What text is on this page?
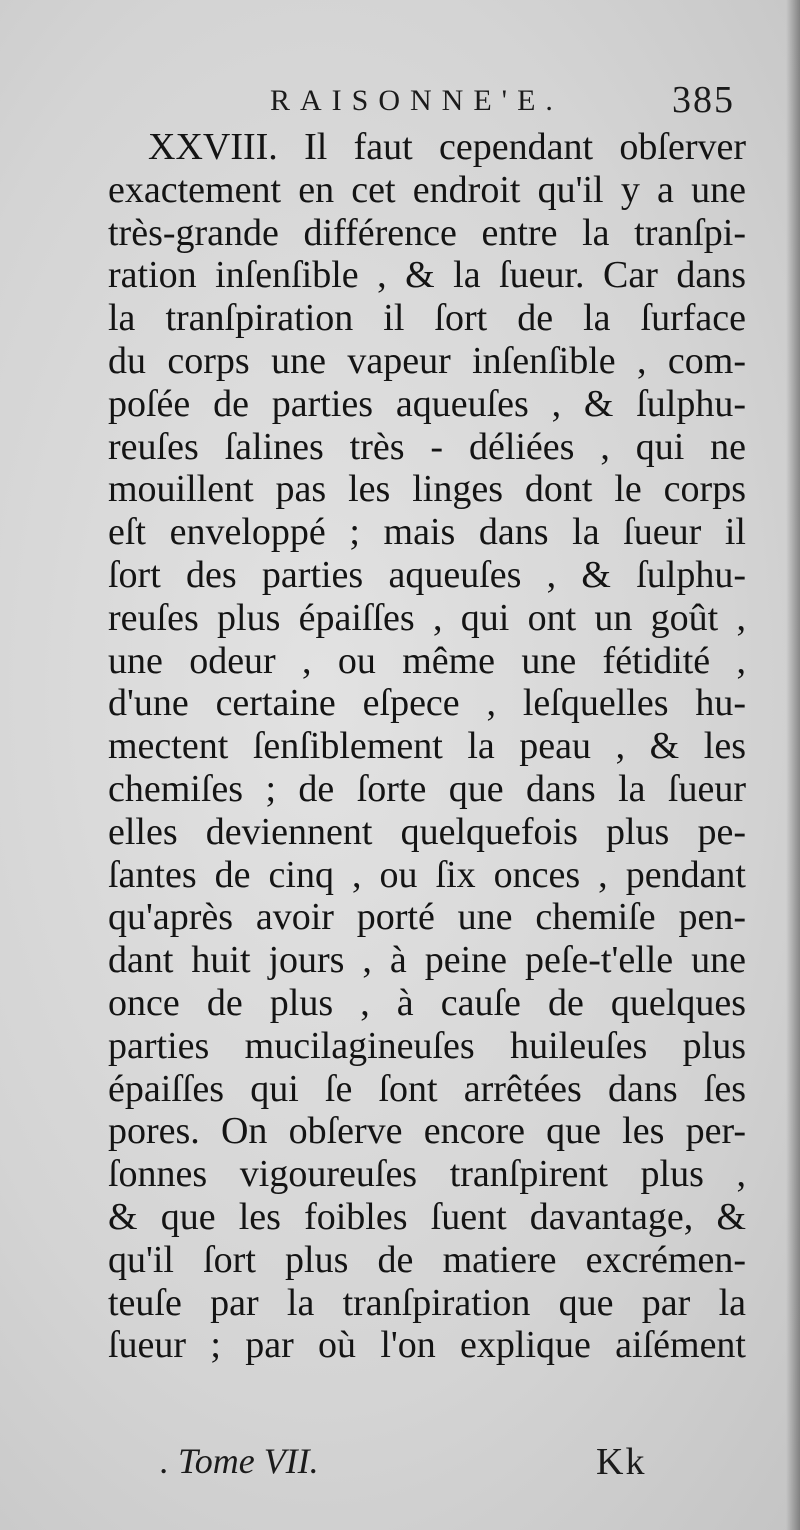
RAISONNE'E.	385
XXVIII. Il faut cependant obſerver
exactement en cet endroit qu'il y a une
très-grande différence entre la tranſpi-
ration inſenſible , & la ſueur. Car dans
la tranſpiration il ſort de la ſurface
du corps une vapeur inſenſible , com-
poſée de parties aqueuſes , & ſulphu-
reuſes ſalines très - déliées , qui ne
mouillent pas les linges dont le corps
eſt enveloppé ; mais dans la ſueur il
ſort des parties aqueuſes , & ſulphu-
reuſes plus épaiſſes , qui ont un goût ,
une odeur , ou même une fétidité ,
d'une certaine eſpece , leſquelles hu-
mectent ſenſiblement la peau , & les
chemiſes ; de ſorte que dans la ſueur
elles deviennent quelquefois plus pe-
ſantes de cinq , ou ſix onces , pendant
qu'après avoir porté une chemiſe pen-
dant huit jours , à peine peſe-t'elle une
once de plus , à cauſe de quelques
parties mucilagineuſes huileuſes plus
épaiſſes qui ſe ſont arrêtées dans ſes
pores. On obſerve encore que les per-
ſonnes vigoureuſes tranſpirent plus ,
& que les foibles ſuent davantage, &
qu'il ſort plus de matiere excrémen-
teuſe par la tranſpiration que par la
ſueur ; par où l'on explique aiſément
. Tome VII.	Kk
